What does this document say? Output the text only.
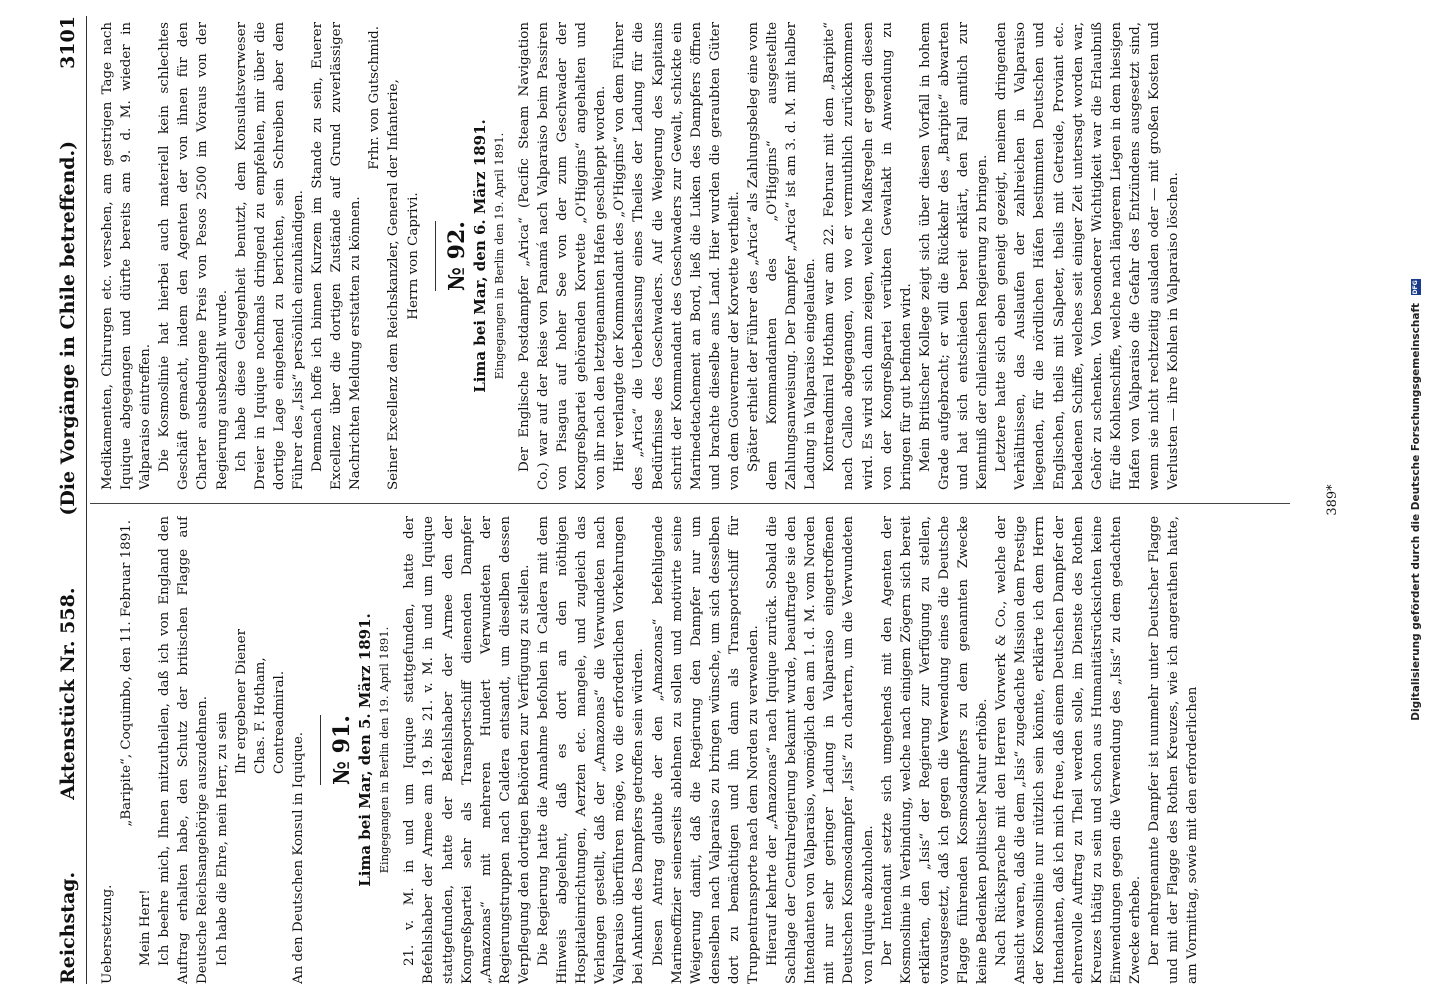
Reichstag.
Aktenstück Nr. 558.
(Die Vorgänge in Chile betreffend.)
3101

Uebersetzung.

„Baripite“, Coquimbo, den 11. Februar 1891.

Mein Herr! Ich beehre mich, Ihnen mitzutheilen, daß ich von England den Auftrag erhalten habe, den Schutz der britischen Flagge auf Deutsche Reichsangehörige auszudehnen. Ich habe die Ehre, mein Herr, zu sein

Ihr ergebener Diener Chas. F. Hotham, Contreadmiral.

An den Deutschen Konsul in Iquique. № 91. Lima bei Mar, den 5. März 1891. Eingegangen in Berlin den 19. April 1891. 21. v. M. in und um Iquique stattgefunden, hatte der Befehlshaber der Armee am 19. bis 21. v. M. in und um Iquique stattgefunden, hatte der Befehlshaber der Armee den der Kongreßpartei sehr als Transportschiff dienenden Dampfer „Amazonas“ mit mehreren Hundert Verwundeten der Regierungstruppen nach Caldera entsandt, um dieselben dessen Verpflegung den dortigen Behörden zur Verfügung zu stellen. Die Regierung hatte die Annahme befohlen in Caldera mit dem Hinweis abgelehnt, daß es dort an den nöthigen Hospitaleinrichtungen, Aerzten etc. mangele, und zugleich das Verlangen gestellt, daß der „Amazonas“ die Verwundeten nach Valparaiso überführen möge, wo die erforderlichen Vorkehrungen bei Ankunft des Dampfers getroffen sein würden. Diesen Antrag glaubte der den „Amazonas“ befehligende Marineoffizier seinerseits ablehnen zu sollen und motivirte seine Weigerung damit, daß die Regierung den Dampfer nur um denselben nach Valparaiso zu bringen wünsche, um sich desselben dort zu bemächtigen und ihn dann als Transportschiff für Truppentransporte nach dem Norden zu verwenden. Hierauf kehrte der „Amazonas“ nach Iquique zurück. Sobald die Sachlage der Centralregierung bekannt wurde, beauftragte sie den Intendanten von Valparaiso, womöglich den am 1. d. M. vom Norden mit nur sehr geringer Ladung in Valparaiso eingetroffenen Deutschen Kosmosdampfer „Isis“ zu chartern, um die Verwundeten von Iquique abzuholen. Der Intendant setzte sich umgehends mit den Agenten der Kosmoslinie in Verbindung, welche nach einigem Zögern sich bereit erklärten, den „Isis“ der Regierung zur Verfügung zu stellen, vorausgesetzt, daß ich gegen die Verwendung eines die Deutsche Flagge führenden Kosmosdampfers zu dem genannten Zwecke keine Bedenken politischer Natur erhöbe. Nach Rücksprache mit den Herren Vorwerk & Co., welche der Ansicht waren, daß die dem „Isis“ zugedachte Mission dem Prestige der Kosmoslinie nur nützlich sein könnte, erklärte ich dem Herrn Intendanten, daß ich mich freue, daß einem Deutschen Dampfer der ehrenvolle Auftrag zu Theil werden solle, im Dienste des Rothen Kreuzes thätig zu sein und schon aus Humanitätsrücksichten keine Einwendungen gegen die Verwendung des „Isis“ zu dem gedachten Zwecke erhebe. Der mehrgenannte Dampfer ist nunmehr unter Deutscher Flagge und mit der Flagge des Rothen Kreuzes, wie ich angerathen hatte, am Vormittag, sowie mit den erforderlichen

Medikamenten, Chirurgen etc. versehen, am gestrigen Tage nach Iquique abgegangen und dürfte bereits am 9. d. M. wieder in Valparaiso eintreffen. Die Kosmoslinie hat hierbei auch materiell kein schlechtes Geschäft gemacht, indem den Agenten der von ihnen für den Charter ausbedungene Preis von Pesos 2500 im Voraus von der Regierung ausbezahlt wurde. Ich habe diese Gelegenheit benutzt, dem Konsulatsverweser Dreier in Iquique nochmals dringend zu empfehlen, mir über die dortige Lage eingehend zu berichten, sein Schreiben aber dem Führer des „Isis“ persönlich einzuhändigen. Demnach hoffe ich binnen Kurzem im Stande zu sein, Euerer Excellenz über die dortigen Zustände auf Grund zuverlässiger Nachrichten Meldung erstatten zu können.

Frhr. von Gutschmid. Seiner Excellenz dem Reichskanzler, General der Infanterie, Herrn von Caprivi. № 92. Lima bei Mar, den 6. März 1891. Eingegangen in Berlin den 19. April 1891. Der Englische Postdampfer „Arica“ (Pacific Steam Navigation Co.) war auf der Reise von Panamá nach Valparaiso beim Passiren von Pisagua auf hoher See von der zum Geschwader der Kongreßpartei gehörenden Korvette „O'Higgins“ angehalten und von ihr nach den letztgenannten Hafen geschleppt worden. Hier verlangte der Kommandant des „O'Higgins“ von dem Führer des „Arica“ die Ueberlassung eines Theiles der Ladung für die Bedürfnisse des Geschwaders. Auf die Weigerung des Kapitains schritt der Kommandant des Geschwaders zur Gewalt, schickte ein Marinedetachement an Bord, ließ die Luken des Dampfers öffnen und brachte dieselbe ans Land. Hier wurden die geraubten Güter von dem Gouverneur der Korvette vertheilt. Später erhielt der Führer des „Arica“ als Zahlungsbeleg eine vom dem Kommandanten des „O'Higgins“ ausgestellte Zahlungsanweisung. Der Dampfer „Arica“ ist am 3. d. M. mit halber Ladung in Valparaiso eingelaufen. Kontreadmiral Hotham war am 22. Februar mit dem „Baripite“ nach Callao abgegangen, von wo er vermuthlich zurückkommen wird. Es wird sich dann zeigen, welche Maßregeln er gegen diesen von der Kongreßpartei verübten Gewaltakt in Anwendung zu bringen für gut befinden wird. Mein Britischer Kollege zeigt sich über diesen Vorfall in hohem Grade aufgebracht; er will die Rückkehr des „Baripite“ abwarten und hat sich entschieden bereit erklärt, den Fall amtlich zur Kenntniß der chilenischen Regierung zu bringen. Letztere hatte sich eben geneigt gezeigt, meinem dringenden Verhältnissen, das Auslaufen der zahlreichen in Valparaiso liegenden, für die nördlichen Häfen bestimmten Deutschen und Englischen, theils mit Salpeter, theils mit Getreide, Proviant etc. beladenen Schiffe, welches seit einiger Zeit untersagt worden war, Gehör zu schenken. Von besonderer Wichtigkeit war die Erlaubniß für die Kohlenschiffe, welche nach längerem Liegen in dem hiesigen Hafen von Valparaiso die Gefahr des Entzündens ausgesetzt sind, wenn sie nicht rechtzeitig ausladen oder — mit großen Kosten und Verlusten — ihre Kohlen in Valparaiso löschen.

389*	Digitalisierung gefördert durch die Deutsche Forschungsgemeinschaft DFG
